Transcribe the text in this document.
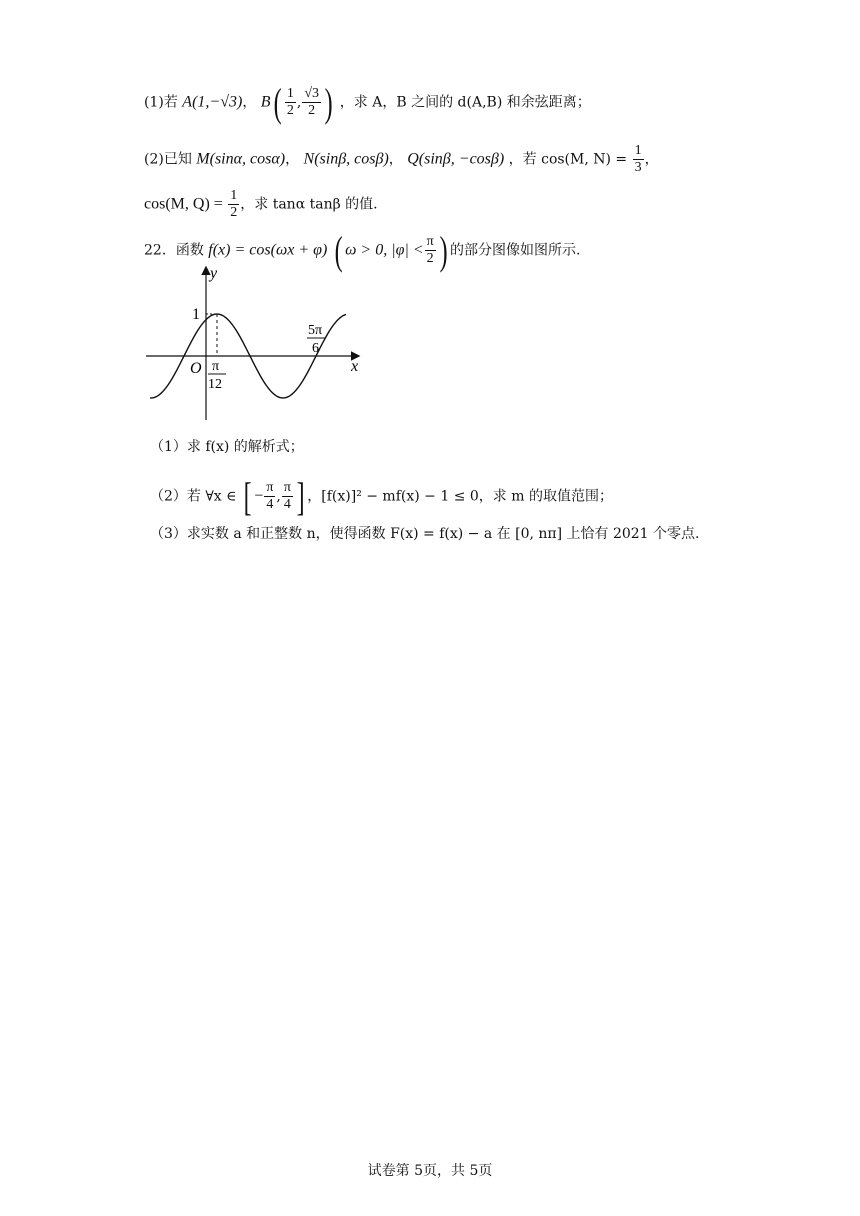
(1)若 A(1,−√3)， $B( \frac{1}{2}$ , $\frac{√3}{2}$ ) ，求 A，B 之间的 d(A,B) 和余弦距离；
(2)已知 M(sinα, cosα)， N(sinβ, cosβ)， Q(sinβ, −cosβ) ，若 cos(M, $N) = \frac{1}{3}$ ，
cos(M, $Q) = \frac{1}{2}$ ，求 tanα tanβ 的值.
22．函数 f(x) = cos(ωx + φ) ( ω > 0, $|\varphi| < \frac{\pi}{2}$ ) 的部分图像如图所示.
y
x
O
1
π
12
5π
6
（1）求 f(x) 的解析式；
（2）若 ∀x ∈ [ − $\frac{\pi}{4}$ , $\frac{\pi}{4}$ ] ，[f(x)]² − mf(x) − 1 ≤ 0，求 m 的取值范围；
（3）求实数 a 和正整数 n，使得函数 F(x) = f(x) − a 在 [0, nπ] 上恰有 2021 个零点.
试卷第 5页，共 5页
